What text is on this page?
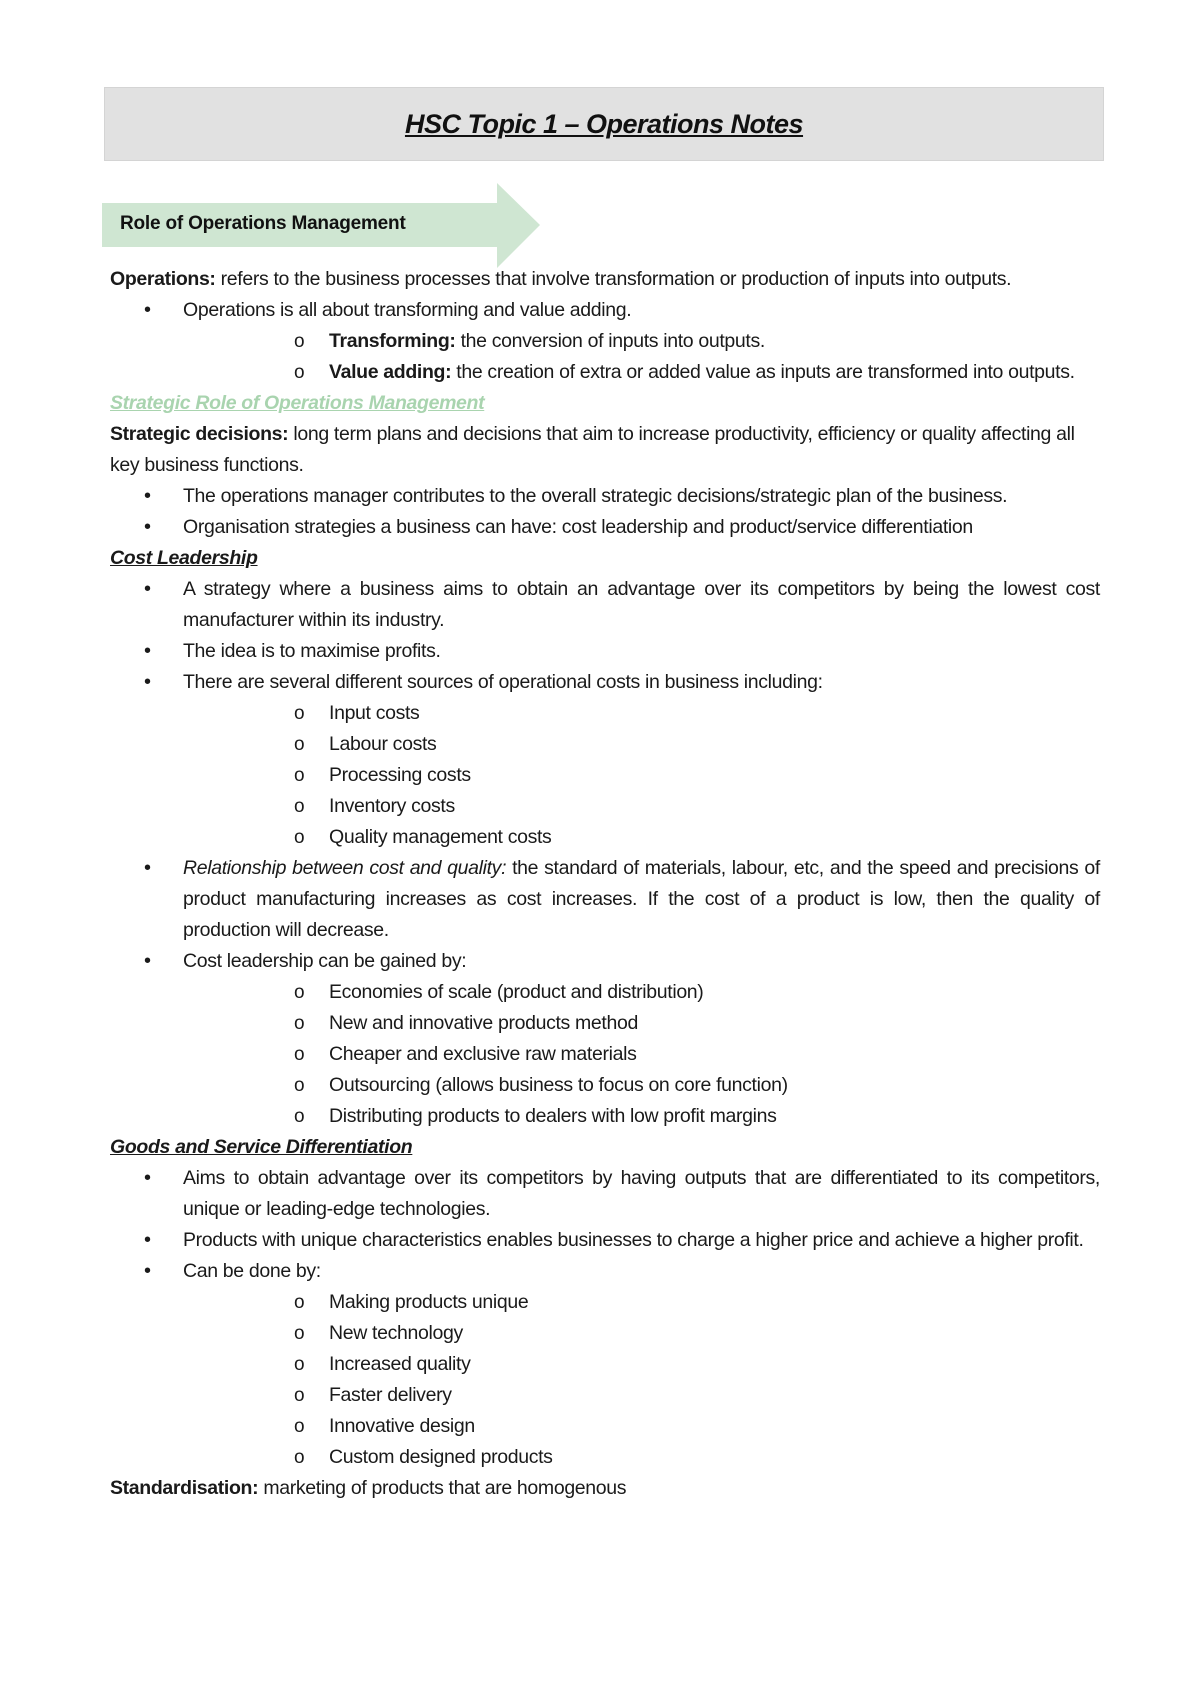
HSC Topic 1 – Operations Notes
Role of Operations Management

Operations: refers to the business processes that involve transformation or production of inputs into outputs.

• Operations is all about transforming and value adding.
o Transforming: the conversion of inputs into outputs.
o Value adding: the creation of extra or added value as inputs are transformed into outputs.

Strategic Role of Operations Management

Strategic decisions: long term plans and decisions that aim to increase productivity, efficiency or quality affecting all key business functions.

• The operations manager contributes to the overall strategic decisions/strategic plan of the business.
• Organisation strategies a business can have: cost leadership and product/service differentiation

Cost Leadership

• A strategy where a business aims to obtain an advantage over its competitors by being the lowest cost manufacturer within its industry.
• The idea is to maximise profits.
• There are several different sources of operational costs in business including:
o Input costs
o Labour costs
o Processing costs
o Inventory costs
o Quality management costs
• Relationship between cost and quality: the standard of materials, labour, etc, and the speed and precisions of product manufacturing increases as cost increases. If the cost of a product is low, then the quality of production will decrease.
• Cost leadership can be gained by:
o Economies of scale (product and distribution)
o New and innovative products method
o Cheaper and exclusive raw materials
o Outsourcing (allows business to focus on core function)
o Distributing products to dealers with low profit margins

Goods and Service Differentiation

• Aims to obtain advantage over its competitors by having outputs that are differentiated to its competitors, unique or leading-edge technologies.
• Products with unique characteristics enables businesses to charge a higher price and achieve a higher profit.
• Can be done by:
o Making products unique
o New technology
o Increased quality
o Faster delivery
o Innovative design
o Custom designed products

Standardisation: marketing of products that are homogenous
